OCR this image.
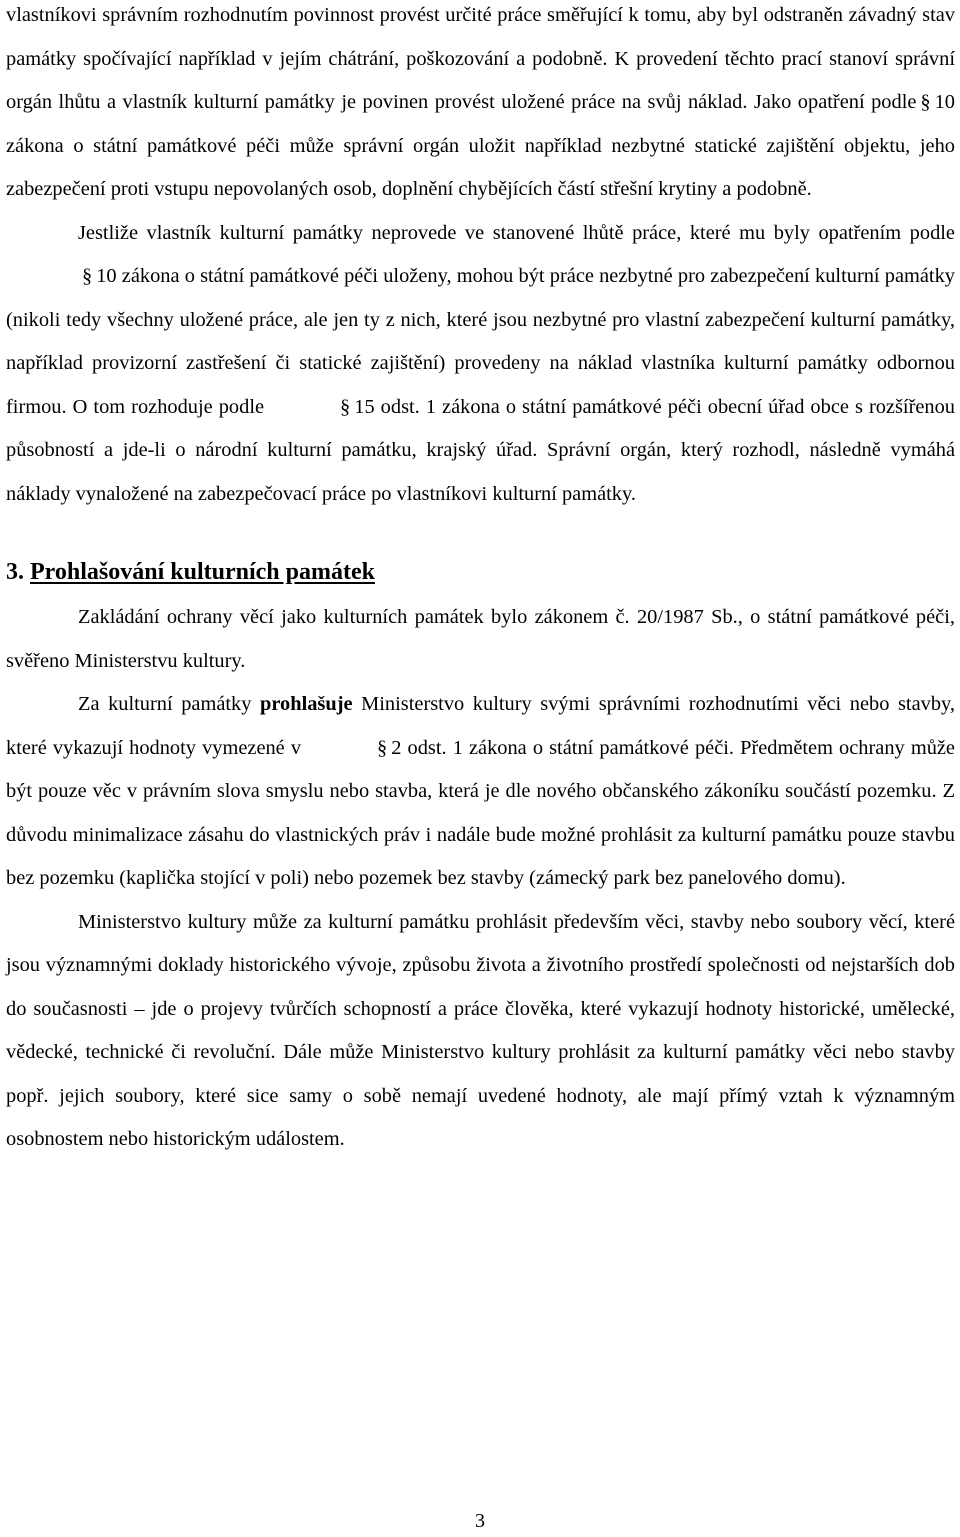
vlastníkovi správním rozhodnutím povinnost provést určité práce směřující k tomu, aby byl odstraněn závadný stav památky spočívající například v jejím chátrání, poškozování a podobně. K provedení těchto prací stanoví správní orgán lhůtu a vlastník kulturní památky je povinen provést uložené práce na svůj náklad. Jako opatření podle § 10 zákona o státní památkové péči může správní orgán uložit například nezbytné statické zajištění objektu, jeho zabezpečení proti vstupu nepovolaných osob, doplnění chybějících částí střešní krytiny a podobně.

Jestliže vlastník kulturní památky neprovede ve stanovené lhůtě práce, které mu byly opatřením podle§ 10 zákona o státní památkové péči uloženy, mohou být práce nezbytné pro zabezpečení kulturní památky (nikoli tedy všechny uložené práce, ale jen ty z nich, které jsou nezbytné pro vlastní zabezpečení kulturní památky, například provizorní zastřešení či statické zajištění) provedeny na náklad vlastníka kulturní památky odbornou firmou. O tom rozhoduje podle	§ 15 odst. 1 zákona o státní památkové péči obecní úřad obce s rozšířenou působností a jde-li o národní kulturní památku, krajský úřad. Správní orgán, který rozhodl, následně vymáhá náklady vynaložené na zabezpečovací práce po vlastníkovi kulturní památky.

3. Prohlašování kulturních památek

Zakládání ochrany věcí jako kulturních památek bylo zákonem č. 20/1987 Sb., o státní památkové péči, svěřeno Ministerstvu kultury.

Za kulturní památky prohlašuje Ministerstvo kultury svými správními rozhodnutími věci nebo stavby, které vykazují hodnoty vymezené v	§ 2 odst. 1 zákona o státní památkové péči. Předmětem ochrany může být pouze věc v právním slova smyslu nebo stavba, která je dle nového občanského zákoníku součástí pozemku. Z důvodu minimalizace zásahu do vlastnických práv i nadále bude možné prohlásit za kulturní památku pouze stavbu bez pozemku (kaplička stojící v poli) nebo pozemek bez stavby (zámecký park bez panelového domu).

Ministerstvo kultury může za kulturní památku prohlásit především věci, stavby nebo soubory věcí, které jsou významnými doklady historického vývoje, způsobu života a životního prostředí společnosti od nejstarších dob do současnosti – jde o projevy tvůrčích schopností a práce člověka, které vykazují hodnoty historické, umělecké, vědecké, technické či revoluční. Dále může Ministerstvo kultury prohlásit za kulturní památky věci nebo stavby popř. jejich soubory, které sice samy o sobě nemají uvedené hodnoty, ale mají přímý vztah k významným osobnostem nebo historickým událostem.

3
